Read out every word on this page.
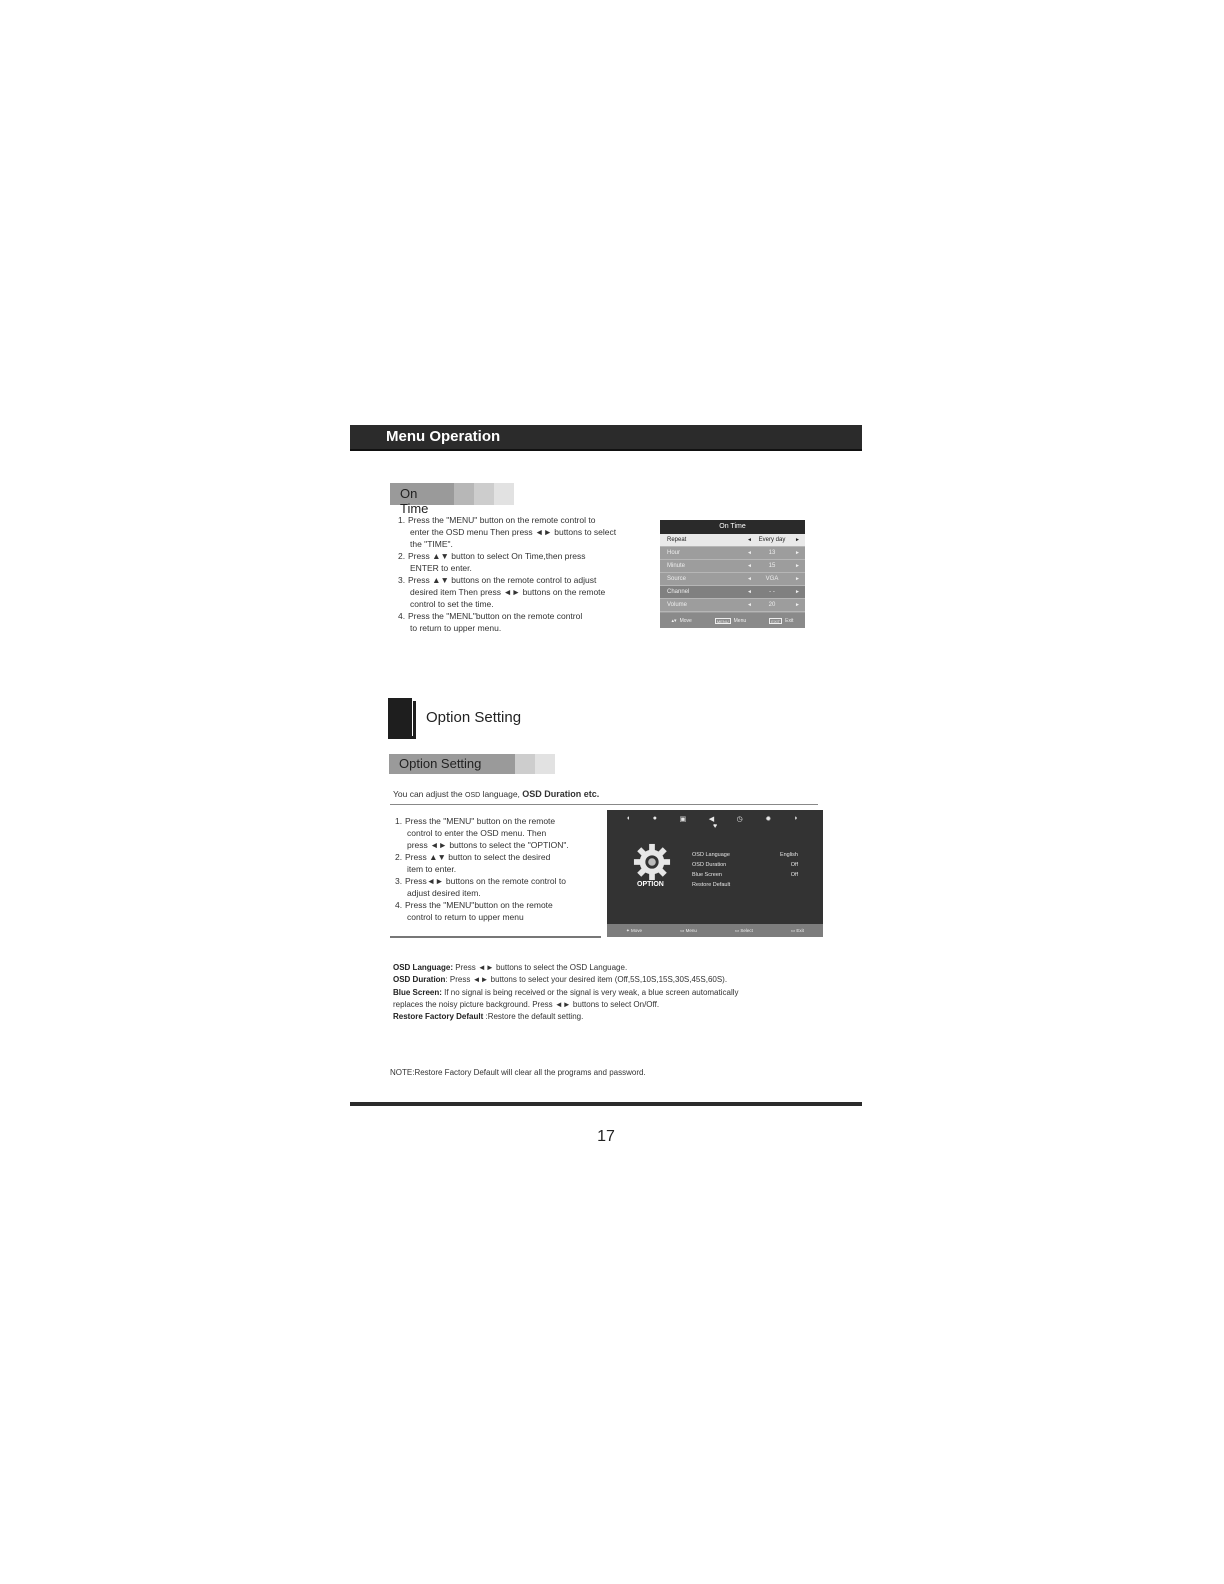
Menu Operation
On Time
1. Press the "MENU" button on the remote control to
enter the OSD menu Then press ◄► buttons to select
the "TIME".
2. Press ▲▼ button to select On Time,then press
ENTER to enter.
3. Press ▲▼ buttons on the remote control to adjust
desired item Then press ◄► buttons on the remote
control to set the time.
4. Press the "MENL"button on the remote control
to return to upper menu.
On Time
Repeat	◄	Every day	►
Hour	◄	13	►
Minute	◄	15	►
Source	◄	VGA	►
Channel	◄	- -	►
Volume	◄	20	►
▴▾ Move	MENU	Menu	EXIT	Exit
Option Setting
Option Setting
You can adjust the OSD language, OSD Duration etc.
1. Press the "MENU" button on the remote
control to enter the OSD menu. Then
press ◄► buttons to select the "OPTION".
2. Press ▲▼ button to select the desired
item to enter.
3. Press◄► buttons on the remote control to
adjust desired item.
4. Press the "MENU"button on the remote
control to return to upper menu
◖	●	▣	◀	◷	✹	◗
♥
OPTION
OSD Language	English
OSD Duration	Off
Blue Screen	Off
Restore Default
✦ Move	▭ Menu	▭ Select	▭ Exit
OSD Language: Press ◄► buttons to select the OSD Language.
OSD Duration: Press ◄► buttons to select your desired item (Off,5S,10S,15S,30S,45S,60S).
Blue Screen: If no signal is being received or the signal is very weak, a blue screen automatically
replaces the noisy picture background. Press ◄► buttons to select On/Off.
Restore Factory Default :Restore the default setting.
NOTE:Restore Factory Default will clear all the programs and password.
17
